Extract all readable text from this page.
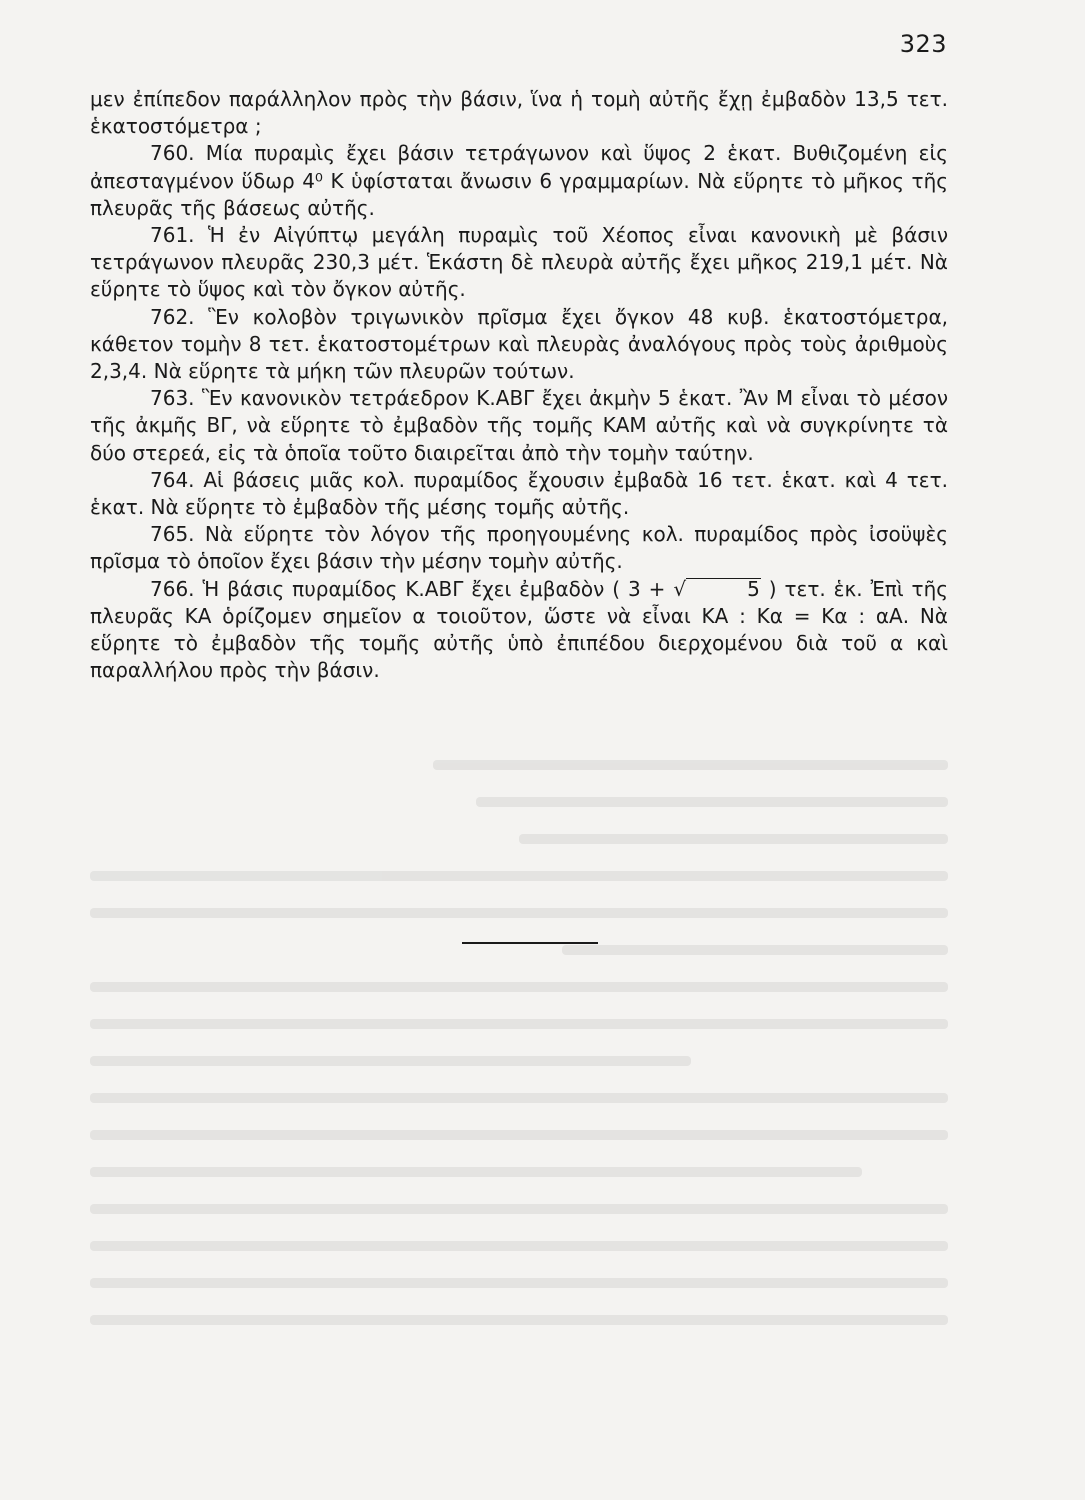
323

μεν ἐπίπεδον παράλληλον πρὸς τὴν βάσιν, ἵνα ἡ τομὴ αὐτῆς ἔχῃ ἐμβαδὸν 13,5 τετ. ἑκατοστόμετρα ;

760. Μία πυραμὶς ἔχει βάσιν τετράγωνον καὶ ὕψος 2 ἑκατ. Βυθιζομένη εἰς ἀπεσταγμένον ὕδωρ 4⁰ Κ ὑφίσταται ἄνωσιν 6 γραμμαρίων. Νὰ εὕρητε τὸ μῆκος τῆς πλευρᾶς τῆς βάσεως αὐτῆς.

761. Ἡ ἐν Αἰγύπτῳ μεγάλη πυραμὶς τοῦ Χέοπος εἶναι κανονικὴ μὲ βάσιν τετράγωνον πλευρᾶς 230,3 μέτ. Ἑκάστη δὲ πλευρὰ αὐτῆς ἔχει μῆκος 219,1 μέτ. Νὰ εὕρητε τὸ ὕψος καὶ τὸν ὄγκον αὐτῆς.

762. Ἓν κολοβὸν τριγωνικὸν πρῖσμα ἔχει ὄγκον 48 κυβ. ἑκατοστόμετρα, κάθετον τομὴν 8 τετ. ἑκατοστομέτρων καὶ πλευρὰς ἀναλόγους πρὸς τοὺς ἀριθμοὺς 2,3,4. Νὰ εὕρητε τὰ μήκη τῶν πλευρῶν τούτων.

763. Ἓν κανονικὸν τετράεδρον Κ.ΑΒΓ ἔχει ἀκμὴν 5 ἑκατ. Ἂν Μ εἶναι τὸ μέσον τῆς ἀκμῆς ΒΓ, νὰ εὕρητε τὸ ἐμβαδὸν τῆς τομῆς ΚΑΜ αὐτῆς καὶ νὰ συγκρίνητε τὰ δύο στερεά, εἰς τὰ ὁποῖα τοῦτο διαιρεῖται ἀπὸ τὴν τομὴν ταύτην.

764. Αἱ βάσεις μιᾶς κολ. πυραμίδος ἔχουσιν ἐμβαδὰ 16 τετ. ἑκατ. καὶ 4 τετ. ἑκατ. Νὰ εὕρητε τὸ ἐμβαδὸν τῆς μέσης τομῆς αὐτῆς.

765. Νὰ εὕρητε τὸν λόγον τῆς προηγουμένης κολ. πυραμίδος πρὸς ἰσοϋψὲς πρῖσμα τὸ ὁποῖον ἔχει βάσιν τὴν μέσην τομὴν αὐτῆς.

766. Ἡ βάσις πυραμίδος Κ.ΑΒΓ ἔχει ἐμβαδὸν ( 3 + √	5 ) τετ. ἑκ. Ἐπὶ τῆς πλευρᾶς ΚΑ ὁρίζομεν σημεῖον α τοιοῦτον, ὥστε νὰ εἶναι ΚΑ : Κα = Κα : αΑ. Νὰ εὕρητε τὸ ἐμβαδὸν τῆς τομῆς αὐτῆς ὑπὸ ἐπιπέδου διερχομένου διὰ τοῦ α καὶ παραλλήλου πρὸς τὴν βάσιν.
